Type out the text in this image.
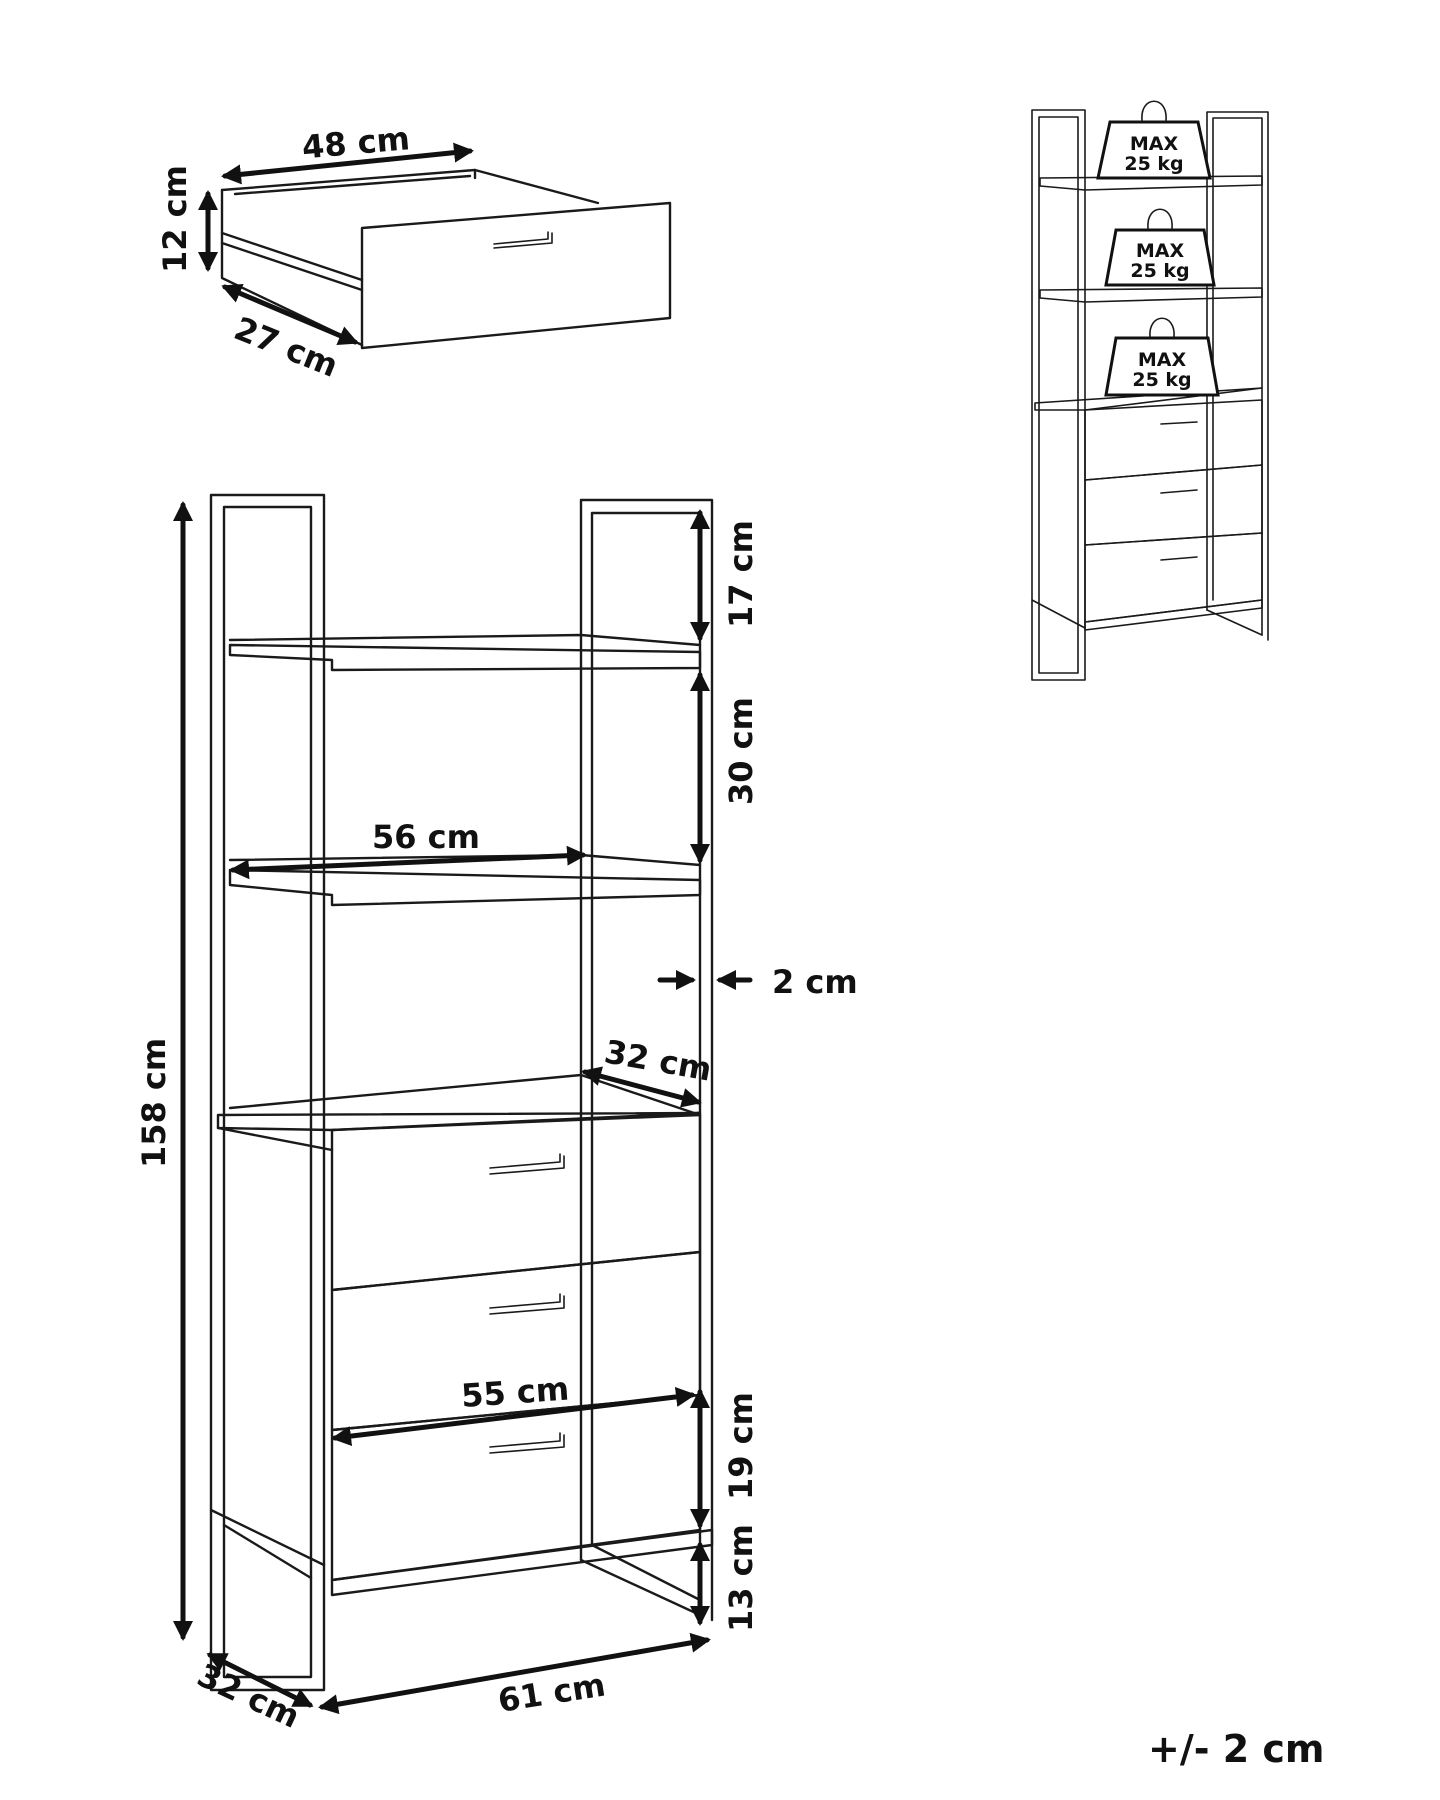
48 cm
12 cm
27 cm
158 cm
17 cm
30 cm
56 cm
2 cm
32 cm
55 cm	19 cm
13 cm
32 cm	61 cm
MAX
25 kg
MAX
25 kg
MAX
25 kg
+/- 2 cm
